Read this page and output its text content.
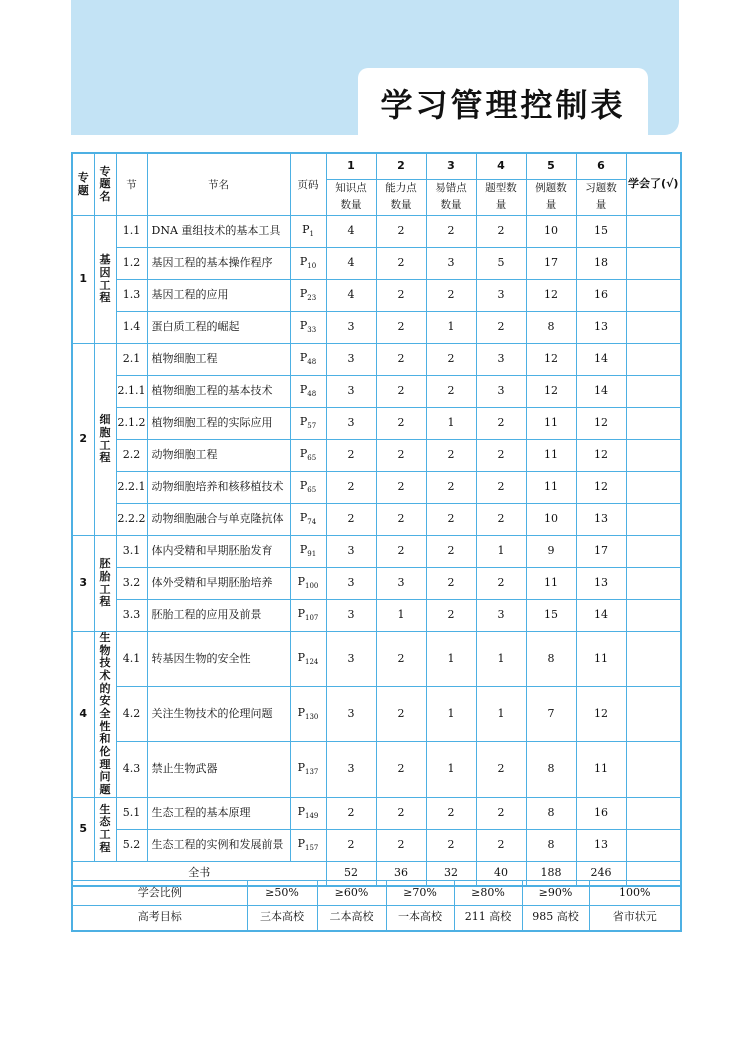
学习管理控制表
专题	专题名	节	节名	页码	1	2	3	4	5	6	学会了(√)
					知识点数量	能力点数量	易错点数量	题型数量	例题数量	习题数量	
1	基因工程	1.1	DNA 重组技术的基本工具	$P_1$	4	2	2	2	10	15	
		1.2	基因工程的基本操作程序	$P_{10}$	4	2	3	5	17	18	
		1.3	基因工程的应用	$P_{23}$	4	2	2	3	12	16	
		1.4	蛋白质工程的崛起	$P_{33}$	3	2	1	2	8	13	
2	细胞工程	2.1	植物细胞工程	$P_{48}$	3	2	2	3	12	14	
		2.1.1	植物细胞工程的基本技术	$P_{48}$	3	2	2	3	12	14	
		2.1.2	植物细胞工程的实际应用	$P_{57}$	3	2	1	2	11	12	
		2.2	动物细胞工程	$P_{65}$	2	2	2	2	11	12	
		2.2.1	动物细胞培养和核移植技术	$P_{65}$	2	2	2	2	11	12	
		2.2.2	动物细胞融合与单克隆抗体	$P_{74}$	2	2	2	2	10	13	
3	胚胎工程	3.1	体内受精和早期胚胎发育	$P_{91}$	3	2	2	1	9	17	
		3.2	体外受精和早期胚胎培养	$P_{100}$	3	3	2	2	11	13	
		3.3	胚胎工程的应用及前景	$P_{107}$	3	1	2	3	15	14	
4	生物技术的安全性和伦理问题	4.1	转基因生物的安全性	$P_{124}$	3	2	1	1	8	11	
		4.2	关注生物技术的伦理问题	$P_{130}$	3	2	1	1	7	12	
		4.3	禁止生物武器	$P_{137}$	3	2	1	2	8	11	
5	生态工程	5.1	生态工程的基本原理	$P_{149}$	2	2	2	2	8	16	
		5.2	生态工程的实例和发展前景	$P_{157}$	2	2	2	2	8	13	
全书					52	36	32	40	188	246	
学会比例	≥50%	≥60%	≥70%	≥80%	≥90%	100%
高考目标	三本高校	二本高校	一本高校	211 高校	985 高校	省市状元
